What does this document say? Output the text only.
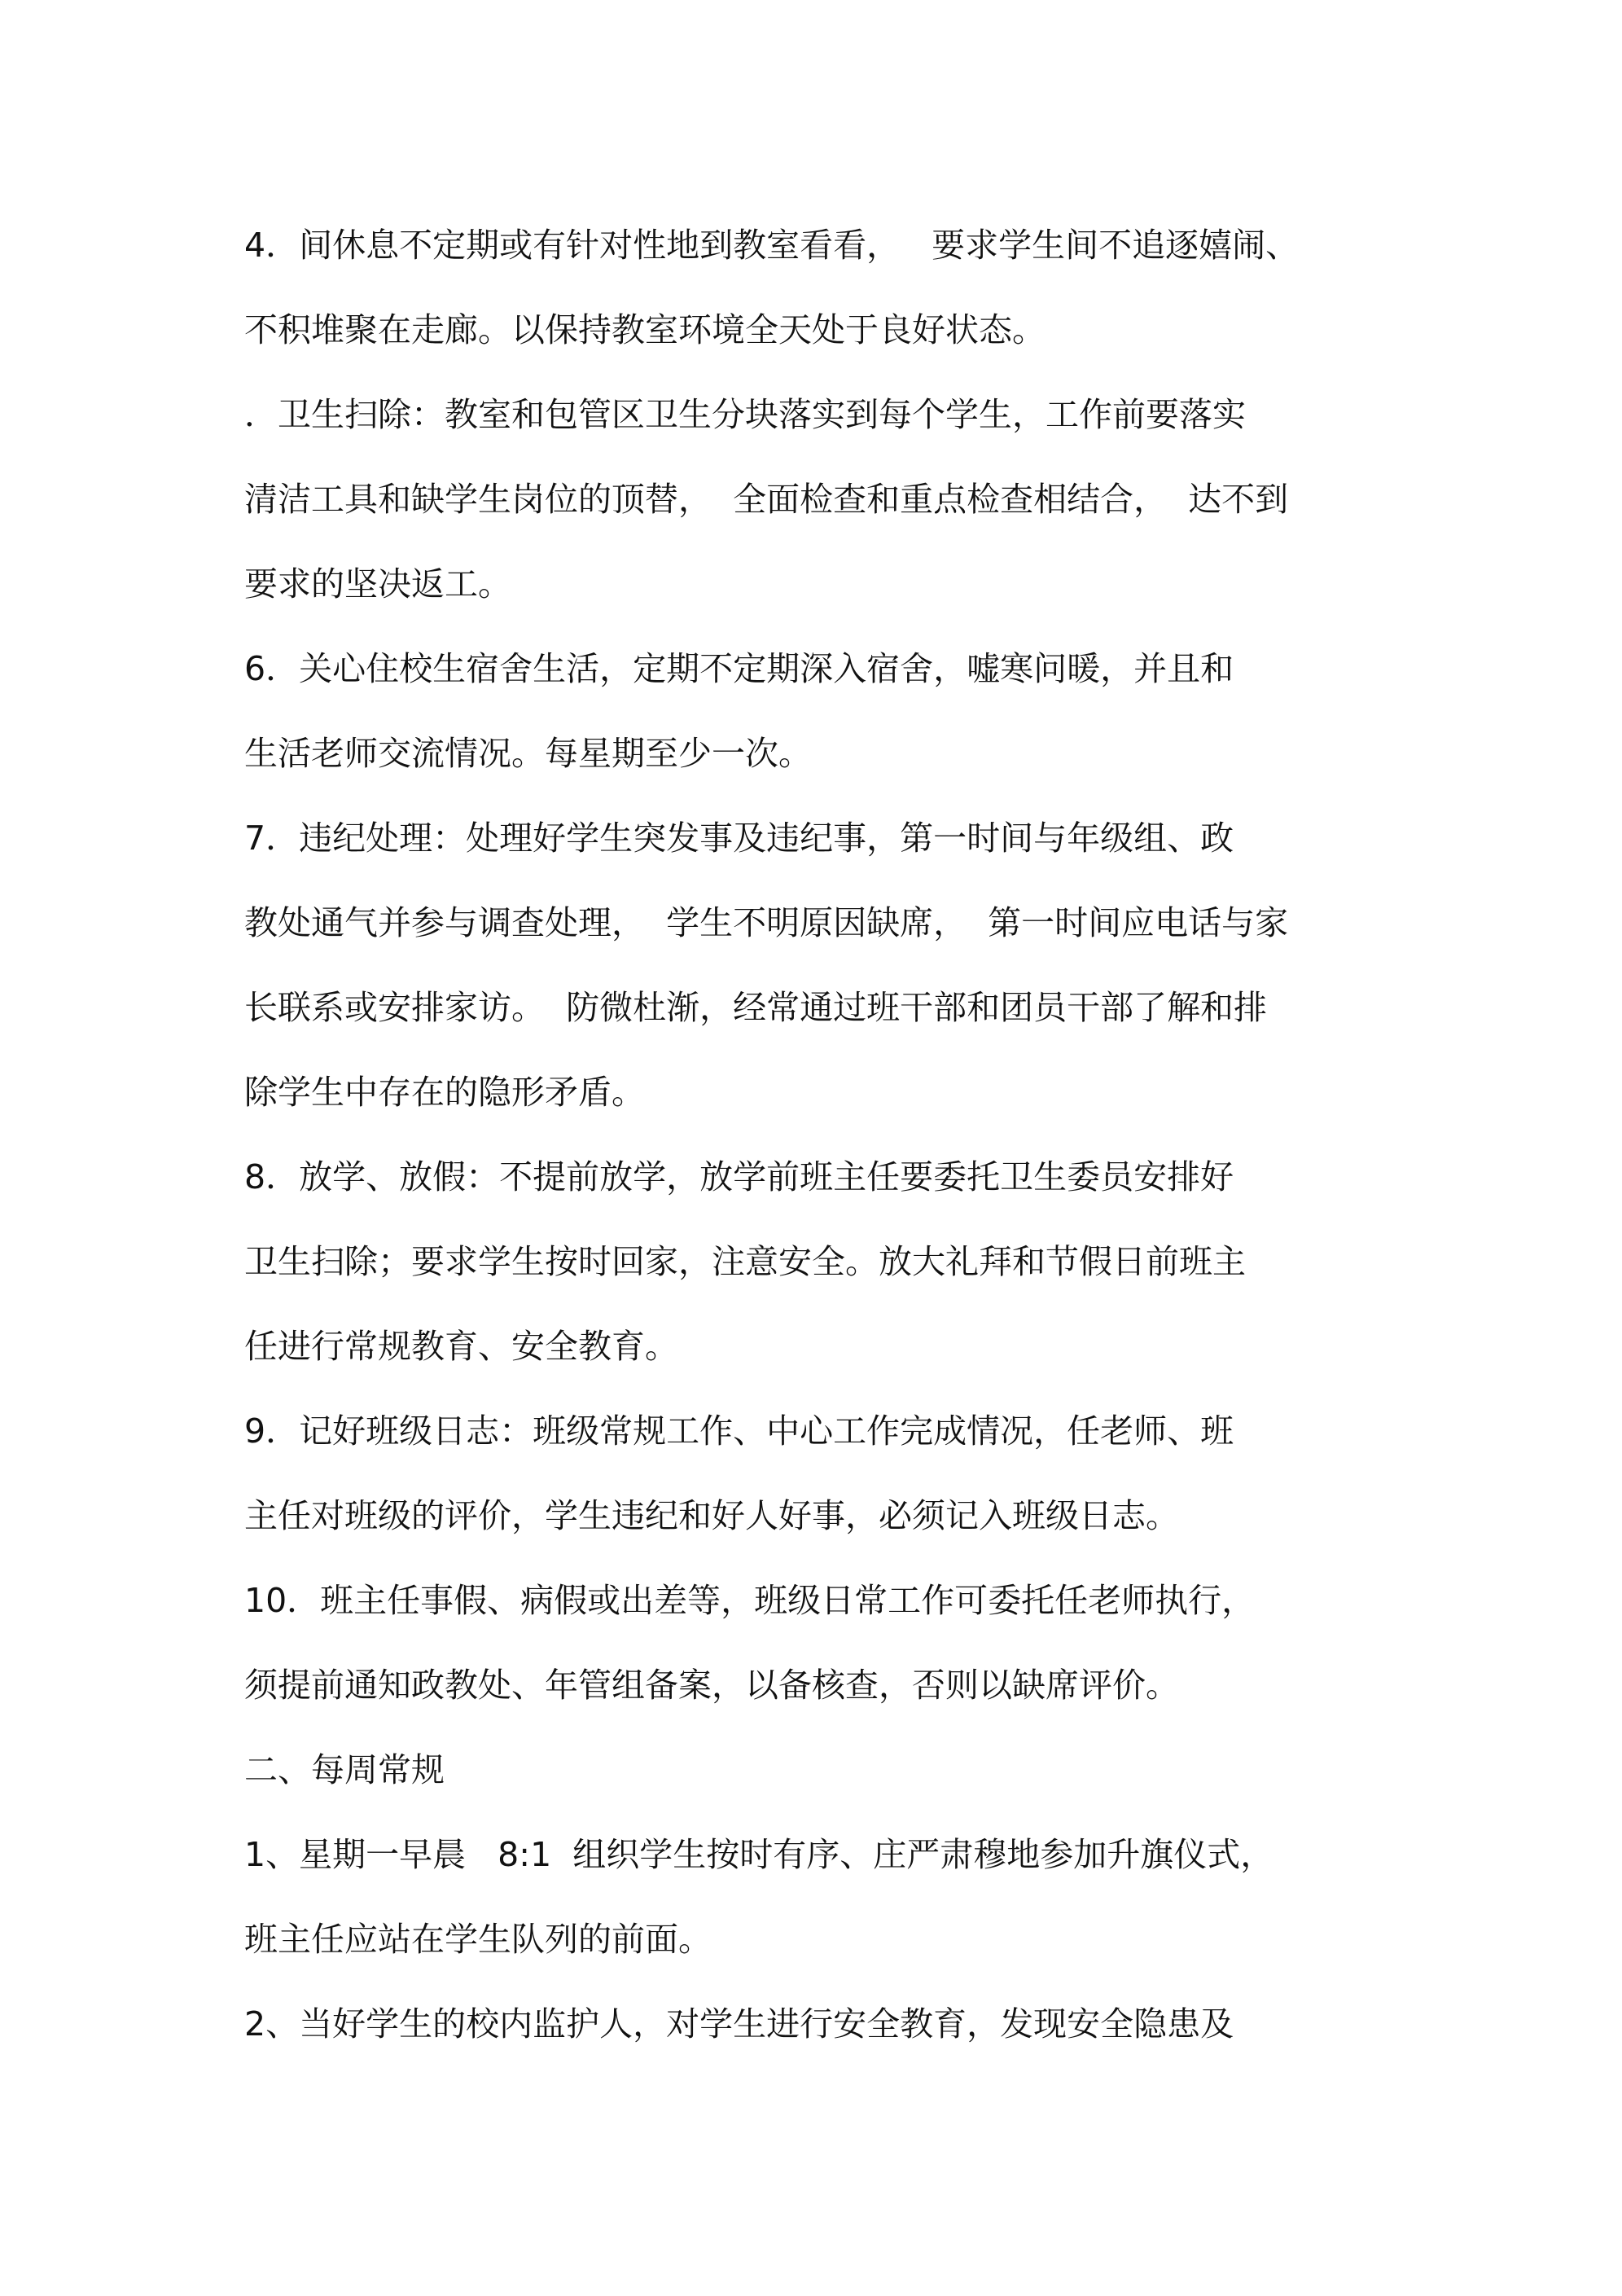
4．间休息不定期或有针对性地到教室看看，   要求学生间不追逐嬉闹、

不积堆聚在走廊。以保持教室环境全天处于良好状态。

．卫生扫除：教室和包管区卫生分块落实到每个学生，工作前要落实

清洁工具和缺学生岗位的顶替，  全面检查和重点检查相结合，  达不到

要求的坚决返工。

6．关心住校生宿舍生活，定期不定期深入宿舍，嘘寒问暖，并且和

生活老师交流情况。每星期至少一次。

7．违纪处理：处理好学生突发事及违纪事，第一时间与年级组、政

教处通气并参与调查处理，  学生不明原因缺席，  第一时间应电话与家

长联系或安排家访。  防微杜渐，经常通过班干部和团员干部了解和排

除学生中存在的隐形矛盾。

8．放学、放假：不提前放学，放学前班主任要委托卫生委员安排好

卫生扫除；要求学生按时回家，注意安全。放大礼拜和节假日前班主

任进行常规教育、安全教育。

9．记好班级日志：班级常规工作、中心工作完成情况，任老师、班

主任对班级的评价，学生违纪和好人好事，必须记入班级日志。

10．班主任事假、病假或出差等，班级日常工作可委托任老师执行，

须提前通知政教处、年管组备案，以备核查，否则以缺席评价。

二、每周常规

1、星期一早晨   8:1  组织学生按时有序、庄严肃穆地参加升旗仪式，

班主任应站在学生队列的前面。

2、当好学生的校内监护人，对学生进行安全教育，发现安全隐患及
